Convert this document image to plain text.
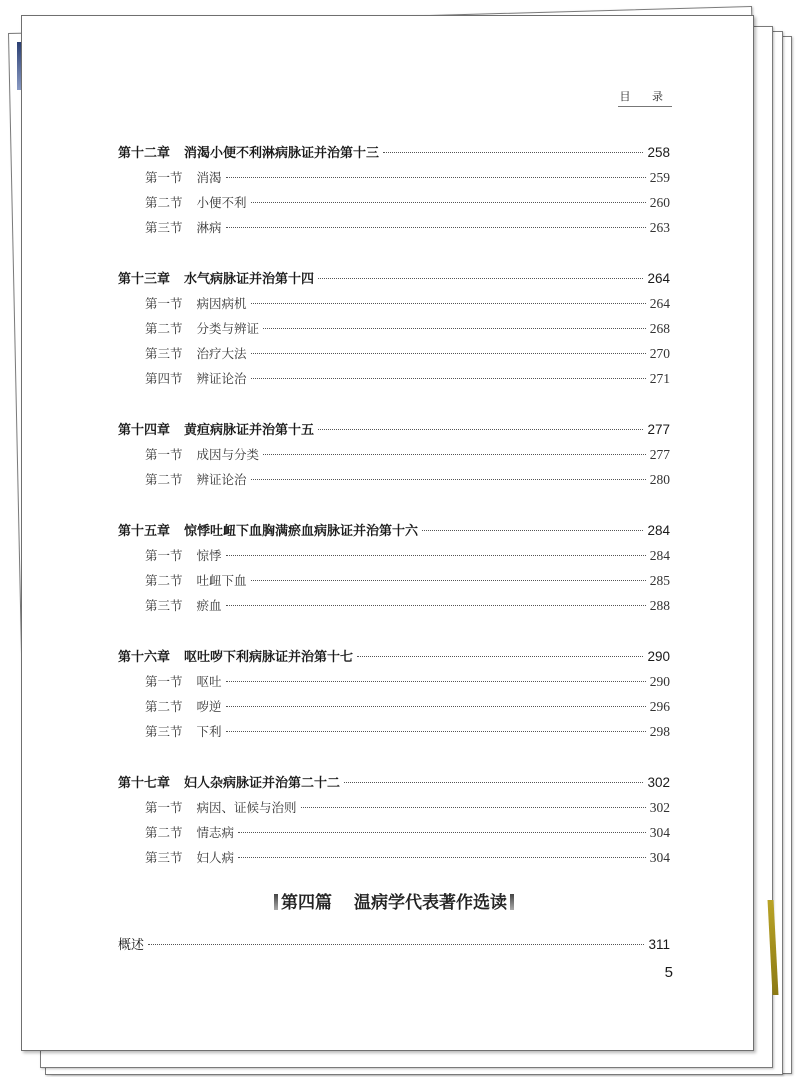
目 录
第十二章 消渴小便不利淋病脉证并治第十三	258
第一节 消渴	259
第二节 小便不利	260
第三节 淋病	263
第十三章 水气病脉证并治第十四	264
第一节 病因病机	264
第二节 分类与辨证	268
第三节 治疗大法	270
第四节 辨证论治	271
第十四章 黄疸病脉证并治第十五	277
第一节 成因与分类	277
第二节 辨证论治	280
第十五章 惊悸吐衄下血胸满瘀血病脉证并治第十六	284
第一节 惊悸	284
第二节 吐衄下血	285
第三节 瘀血	288
第十六章 呕吐哕下利病脉证并治第十七	290
第一节 呕吐	290
第二节 哕逆	296
第三节 下利	298
第十七章 妇人杂病脉证并治第二十二	302
第一节 病因、证候与治则	302
第二节 情志病	304
第三节 妇人病	304
第四篇 温病学代表著作选读
概述	311
5
